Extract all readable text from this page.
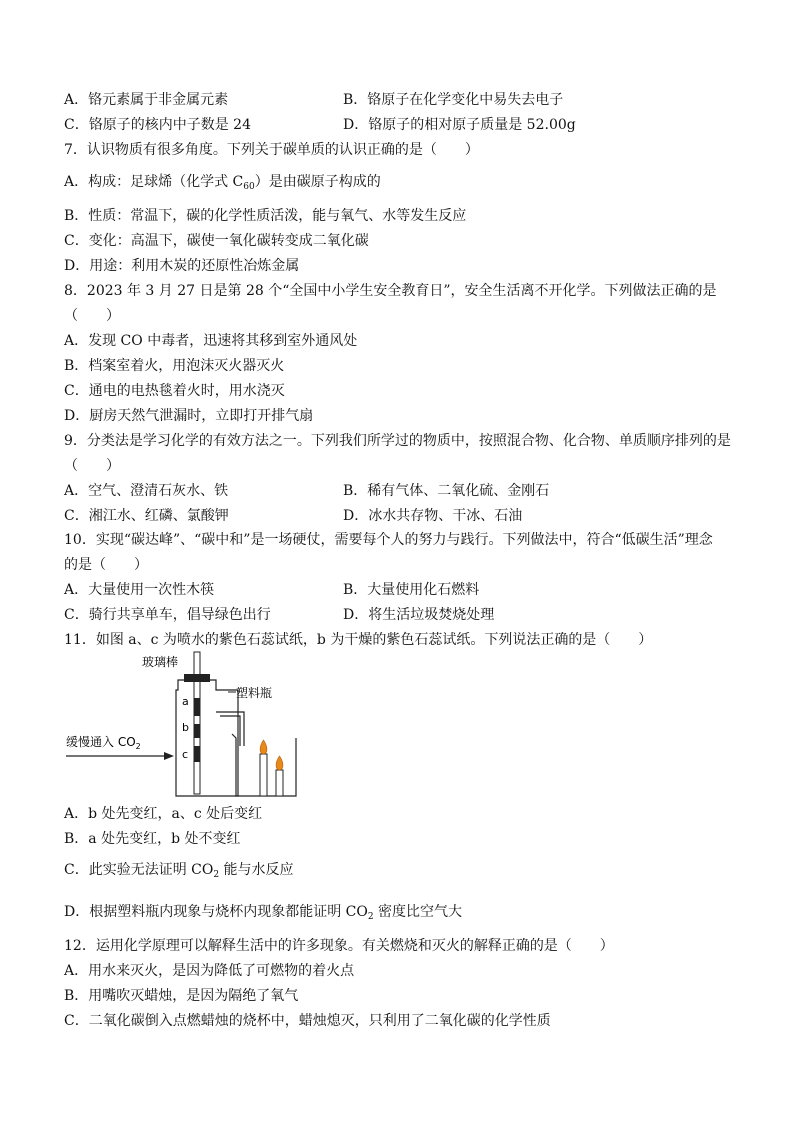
A．铬元素属于非金属元素	B．铬原子在化学变化中易失去电子
C．铬原子的核内中子数是 24	D．铬原子的相对原子质量是 52.00g
7．认识物质有很多角度。下列关于碳单质的认识正确的是（　　）
A．构成：足球烯（化学式 $C_{60}$）是由碳原子构成的
B．性质：常温下，碳的化学性质活泼，能与氧气、水等发生反应
C．变化：高温下，碳使一氧化碳转变成二氧化碳
D．用途：利用木炭的还原性冶炼金属
8．2023 年 3 月 27 日是第 28 个“全国中小学生安全教育日”，安全生活离不开化学。下列做法正确的是
（　　）
A．发现 CO 中毒者，迅速将其移到室外通风处
B．档案室着火，用泡沫灭火器灭火
C．通电的电热毯着火时，用水浇灭
D．厨房天然气泄漏时，立即打开排气扇
9．分类法是学习化学的有效方法之一。下列我们所学过的物质中，按照混合物、化合物、单质顺序排列的是
（　　）
A．空气、澄清石灰水、铁	B．稀有气体、二氧化硫、金刚石
C．湘江水、红磷、氯酸钾	D．冰水共存物、干冰、石油
10．实现“碳达峰”、“碳中和”是一场硬仗，需要每个人的努力与践行。下列做法中，符合“低碳生活”理念
的是（　　）
A．大量使用一次性木筷	B．大量使用化石燃料
C．骑行共享单车，倡导绿色出行	D．将生活垃圾焚烧处理
11．如图 a、c 为喷水的紫色石蕊试纸，b 为干燥的紫色石蕊试纸。下列说法正确的是（　　）
玻璃棒
a
b
c
塑料瓶
缓慢通入 $CO_2$
A．b 处先变红，a、c 处后变红
B．a 处先变红，b 处不变红
C．此实验无法证明 $CO_2$ 能与水反应
D．根据塑料瓶内现象与烧杯内现象都能证明 $CO_2$ 密度比空气大
12．运用化学原理可以解释生活中的许多现象。有关燃烧和灭火的解释正确的是（　　）
A．用水来灭火，是因为降低了可燃物的着火点
B．用嘴吹灭蜡烛，是因为隔绝了氧气
C．二氧化碳倒入点燃蜡烛的烧杯中，蜡烛熄灭，只利用了二氧化碳的化学性质
